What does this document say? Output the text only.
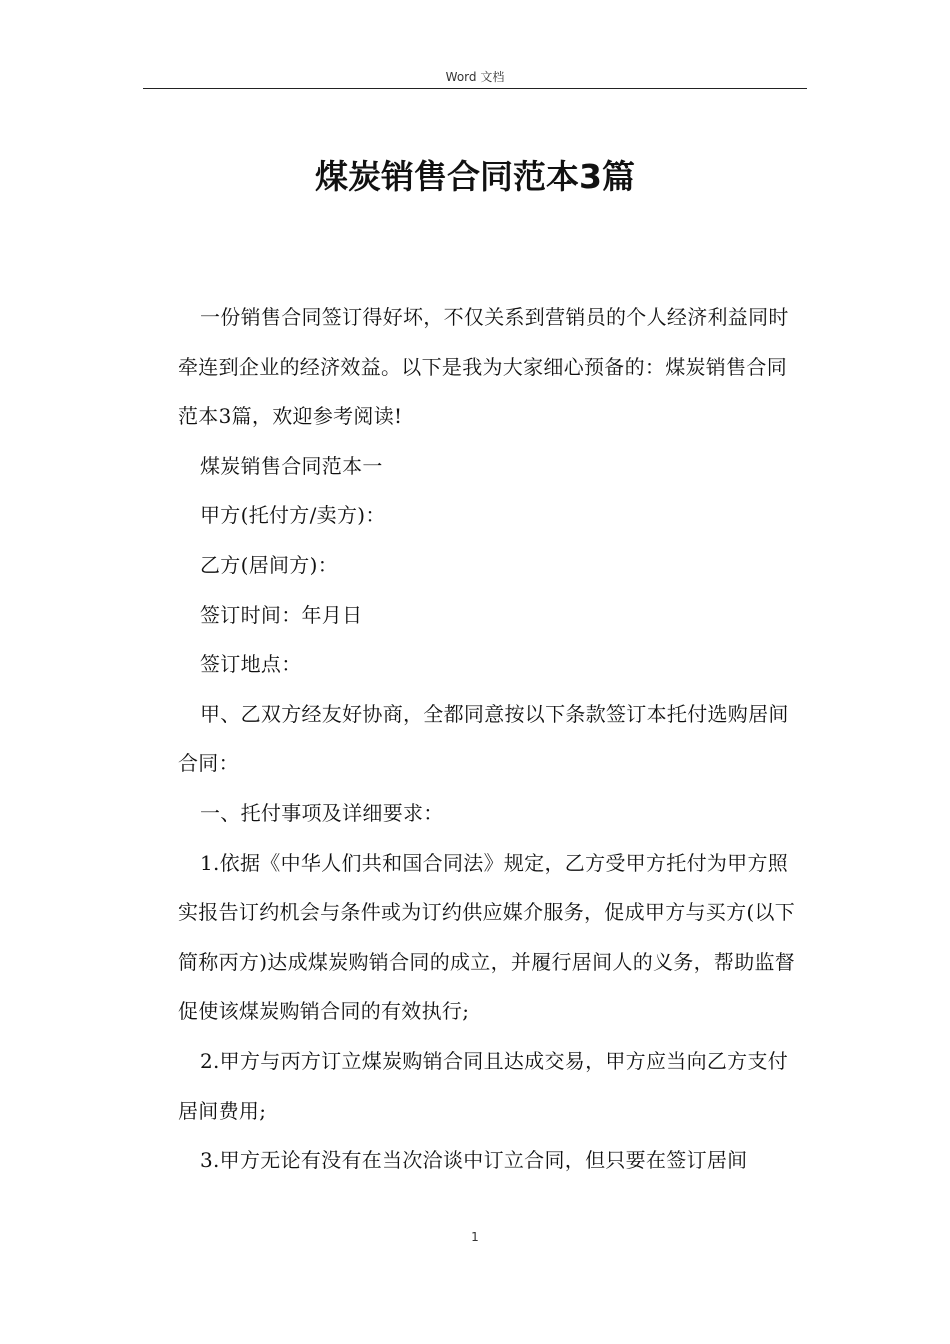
Word 文档
煤炭销售合同范本3篇

一份销售合同签订得好坏，不仅关系到营销员的个人经济利益同时牵连到企业的经济效益。以下是我为大家细心预备的：煤炭销售合同范本3篇，欢迎参考阅读!

煤炭销售合同范本一

甲方(托付方/卖方)：

乙方(居间方)：

签订时间：年月日

签订地点：

甲、乙双方经友好协商，全都同意按以下条款签订本托付选购居间合同：

一、托付事项及详细要求：

1.依据《中华人们共和国合同法》规定，乙方受甲方托付为甲方照实报告订约机会与条件或为订约供应媒介服务，促成甲方与买方(以下简称丙方)达成煤炭购销合同的成立，并履行居间人的义务，帮助监督促使该煤炭购销合同的有效执行;

2.甲方与丙方订立煤炭购销合同且达成交易，甲方应当向乙方支付居间费用;

3.甲方无论有没有在当次洽谈中订立合同，但只要在签订居间

1
